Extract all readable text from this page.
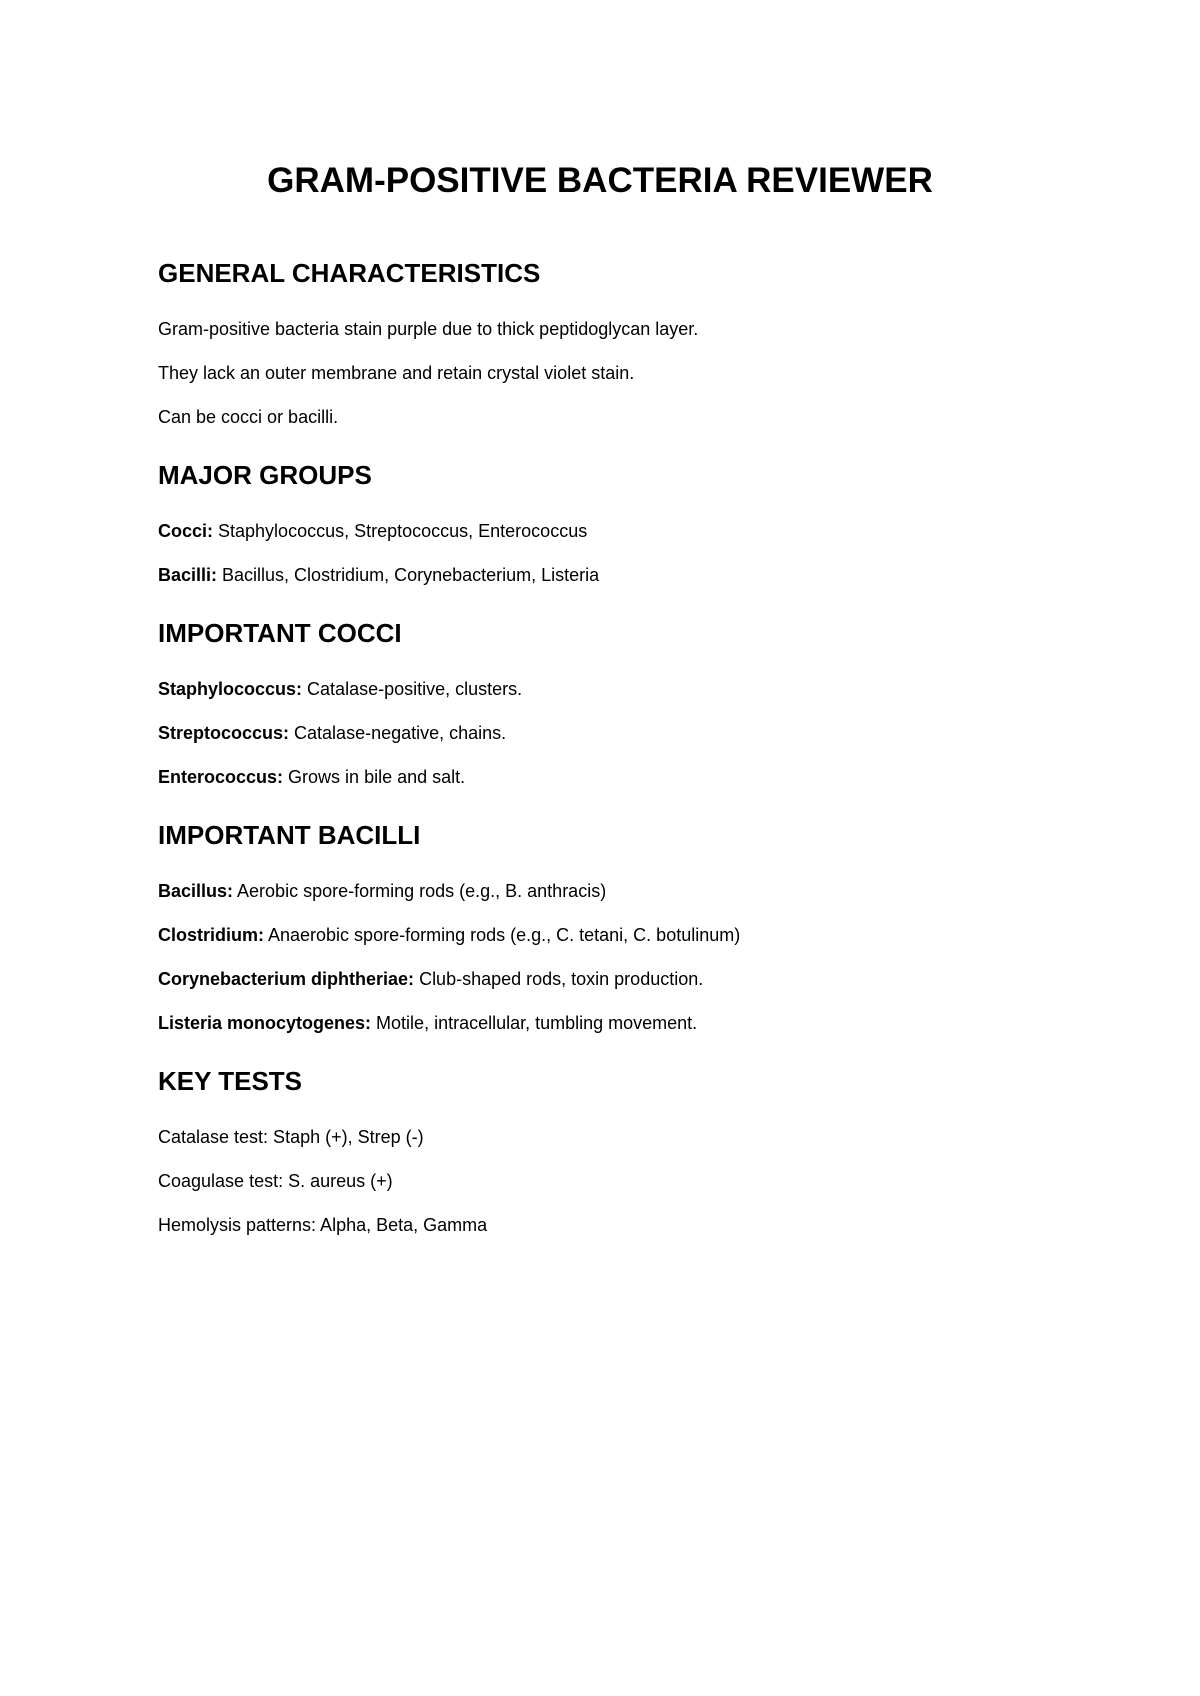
GRAM-POSITIVE BACTERIA REVIEWER
GENERAL CHARACTERISTICS

Gram-positive bacteria stain purple due to thick peptidoglycan layer.

They lack an outer membrane and retain crystal violet stain.

Can be cocci or bacilli.

MAJOR GROUPS

Cocci: Staphylococcus, Streptococcus, Enterococcus

Bacilli: Bacillus, Clostridium, Corynebacterium, Listeria

IMPORTANT COCCI

Staphylococcus: Catalase-positive, clusters.

Streptococcus: Catalase-negative, chains.

Enterococcus: Grows in bile and salt.

IMPORTANT BACILLI

Bacillus: Aerobic spore-forming rods (e.g., B. anthracis)

Clostridium: Anaerobic spore-forming rods (e.g., C. tetani, C. botulinum)

Corynebacterium diphtheriae: Club-shaped rods, toxin production.

Listeria monocytogenes: Motile, intracellular, tumbling movement.

KEY TESTS

Catalase test: Staph (+), Strep (-)

Coagulase test: S. aureus (+)

Hemolysis patterns: Alpha, Beta, Gamma
